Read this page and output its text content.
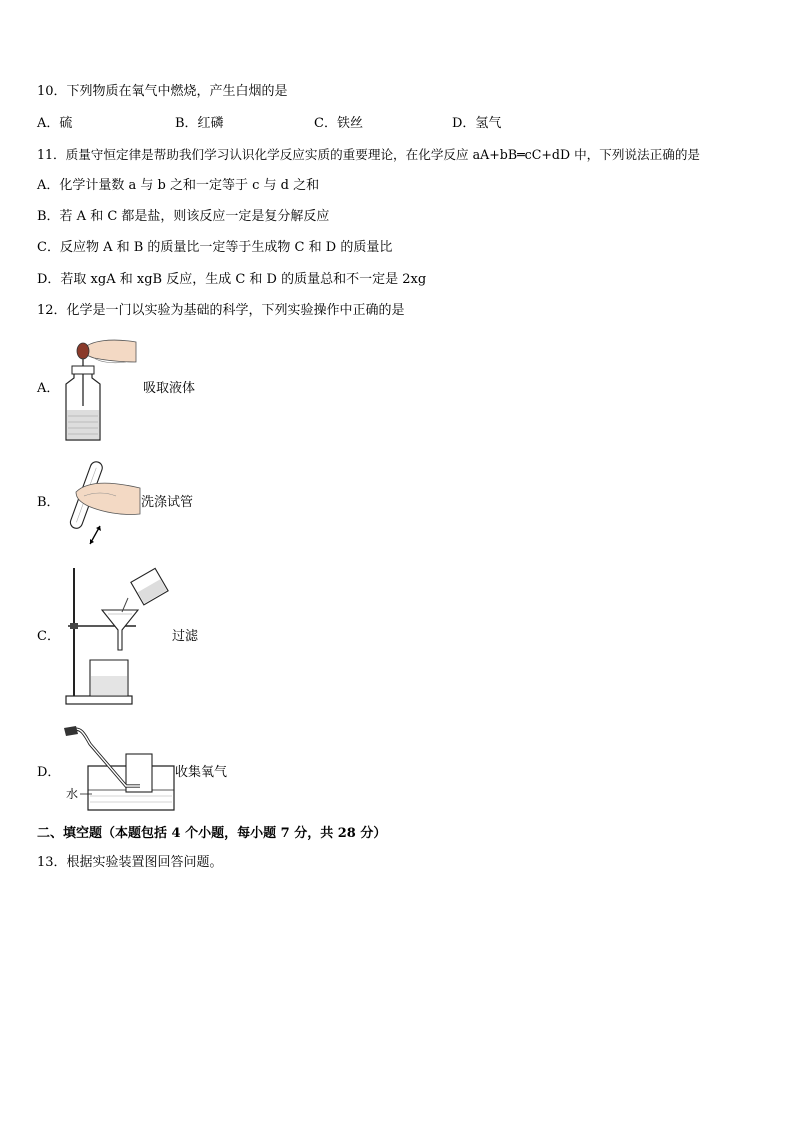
10．下列物质在氧气中燃烧，产生白烟的是
A．硫	B．红磷	C．铁丝	D．氢气
11．质量守恒定律是帮助我们学习认识化学反应实质的重要理论，在化学反应 aA+bB═cC+dD 中，下列说法正确的是
A．化学计量数 a 与 b 之和一定等于 c 与 d 之和
B．若 A 和 C 都是盐，则该反应一定是复分解反应
C．反应物 A 和 B 的质量比一定等于生成物 C 和 D 的质量比
D．若取 xgA 和 xgB 反应，生成 C 和 D 的质量总和不一定是 2xg
12．化学是一门以实验为基础的科学，下列实验操作中正确的是
A．	吸取液体
B．	洗涤试管
C．	过滤
D．
水
收集氧气
二、填空题（本题包括 4 个小题，每小题 7 分，共 28 分）
13．根据实验装置图回答问题。
